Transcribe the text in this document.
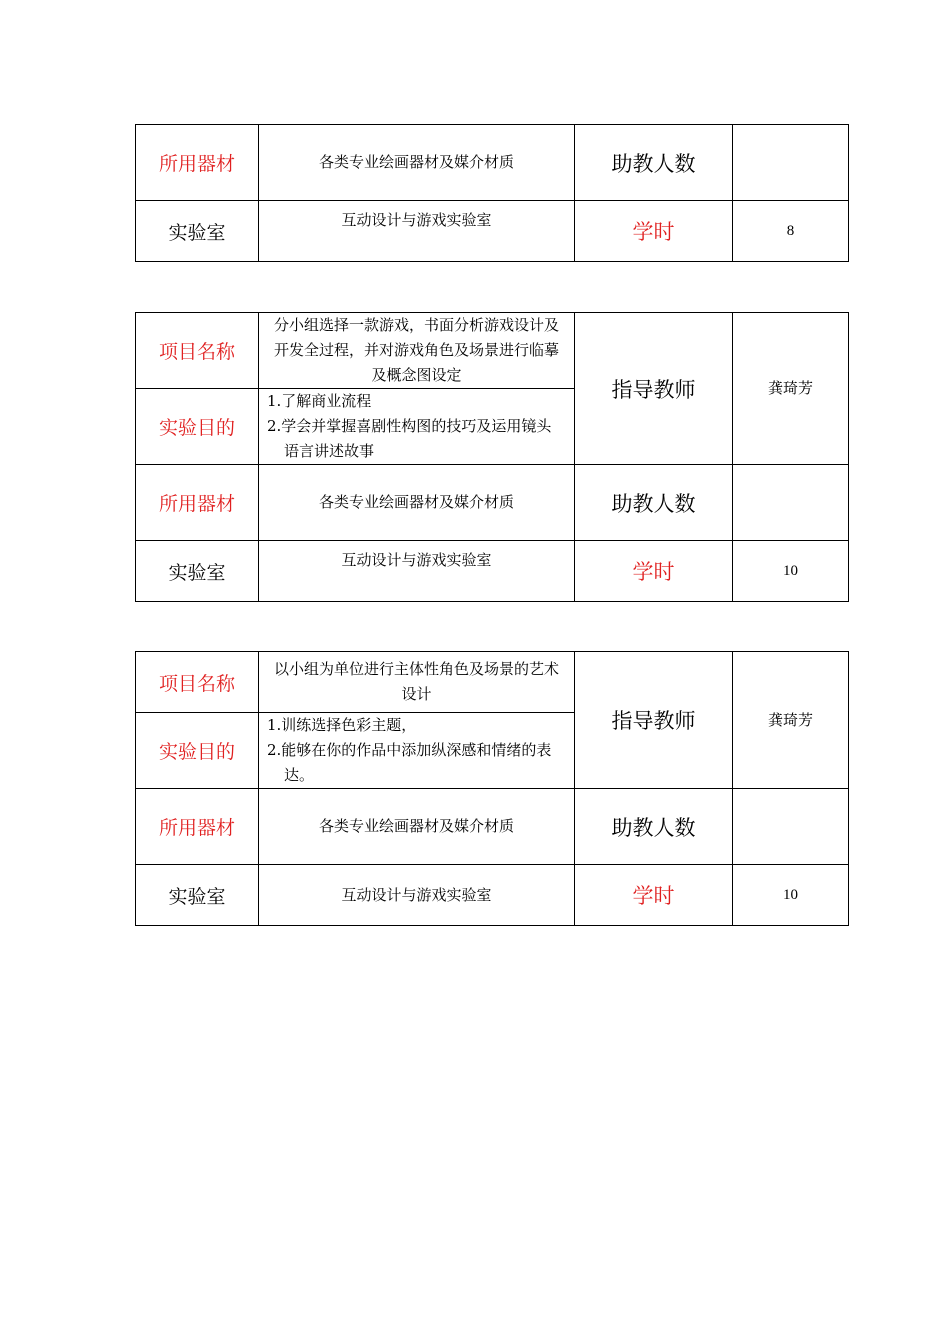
所用器材	各类专业绘画器材及媒介材质	助教人数	
实验室	互动设计与游戏实验室	学时	8
项目名称	分小组选择一款游戏，书面分析游戏设计及开发全过程，并对游戏角色及场景进行临摹及概念图设定	指导教师	龚琦芳
实验目的	1.了解商业流程
2.学会并掌握喜剧性构图的技巧及运用镜头语言讲述故事		

所用器材	各类专业绘画器材及媒介材质	助教人数	
实验室	互动设计与游戏实验室	学时	10
项目名称	以小组为单位进行主体性角色及场景的艺术设计	指导教师	龚琦芳
实验目的	1.训练选择色彩主题，
2.能够在你的作品中添加纵深感和情绪的表达。		

所用器材	各类专业绘画器材及媒介材质	助教人数	
实验室	互动设计与游戏实验室	学时	10
